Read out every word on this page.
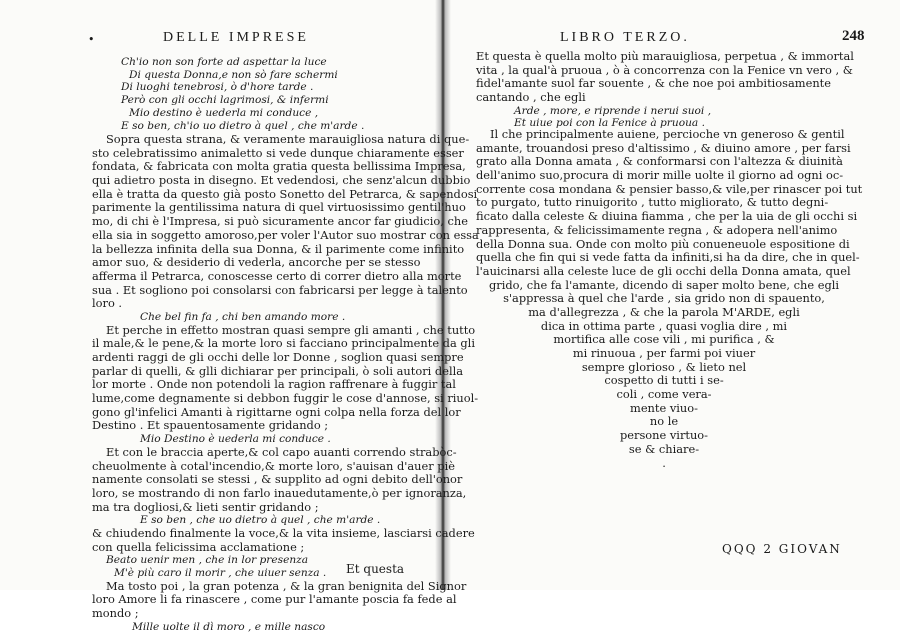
•	DELLE IMPRESE
Ch'io non son forte ad aspettar la luce
Di questa Donna,e non sò fare schermi
Di luoghi tenebrosi, ò d'hore tarde .
Però con gli occhi lagrimosi, & infermi
Mio destino è uederla mi conduce ,
E so ben, ch'io uo dietro à quel , che m'arde .
Sopra questa strana, & veramente marauigliosa natura di que-
sto celebratissimo animaletto si vede dunque chiaramente esser
fondata, & fabricata con molta gratia questa bellissima Impresa,
qui adietro posta in disegno. Et vedendosi, che senz'alcun dubbio
ella è tratta da questo già posto Sonetto del Petrarca, & sapendosi
parimente la gentilissima natura di quel virtuosissimo gentil'huo
mo, di chi è l'Impresa, si può sicuramente ancor far giudicio, che
ella sia in soggetto amoroso,per voler l'Autor suo mostrar con essa
la bellezza infinita della sua Donna, & il parimente come infinito
amor suo, & desiderio di vederla, ancorche per se stesso
afferma il Petrarca, conoscesse certo di correr dietro alla morte
sua . Et sogliono poi consolarsi con fabricarsi per legge à talento
loro .
Che bel fin fa , chi ben amando more .
Et perche in effetto mostran quasi sempre gli amanti , che tutto
il male,& le pene,& la morte loro si facciano principalmente da gli
ardenti raggi de gli occhi delle lor Donne , soglion quasi sempre
parlar di quelli, & glli dichiarar per principali, ò soli autori della
lor morte . Onde non potendoli la ragion raffrenare à fuggir tal
lume,come degnamente si debbon fuggir le cose d'annose, si riuol-
gono gl'infelici Amanti à rigittarne ogni colpa nella forza del lor
Destino . Et spauentosamente gridando ;
Mio Destino è uederla mi conduce .
Et con le braccia aperte,& col capo auanti correndo strabòc-
cheuolmente à cotal'incendio,& morte loro, s'auisan d'auer piè
namente consolati se stessi , & supplito ad ogni debito dell'onor
loro, se mostrando di non farlo inauedutamente,ò per ignoranza,
ma tra dogliosi,& lieti sentir gridando ;
E so ben , che uo dietro à quel , che m'arde .
& chiudendo finalmente la voce,& la vita insieme, lasciarsi cadere
con quella felicissima acclamatione ;
Beato uenir men , che in lor presenza
M'è più caro il morir , che uiuer senza .
Ma tosto poi , la gran potenza , & la gran benignita del Signor
loro Amore li fa rinascere , come pur l'amante poscia fa fede al
mondo ;
Mille uolte il dì moro , e mille nasco
Et questa
LIBRO TERZO.	248
Et questa è quella molto più marauigliosa, perpetua , & immortal
vita , la qual'à pruoua , ò à concorrenza con la Fenice vn vero , &
fidel'amante suol far souente , & che noe poi ambitiosamente
cantando , che egli
Arde , more, e riprende i nerui suoi ,
Et uiue poi con la Fenice à pruoua .
Il che principalmente auiene, percioche vn generoso & gentil
amante, trouandosi preso d'altissimo , & diuino amore , per farsi
grato alla Donna amata , & conformarsi con l'altezza & diuinità
dell'animo suo,procura di morir mille uolte il giorno ad ogni oc-
corrente cosa mondana & pensier basso,& vile,per rinascer poi tut
to purgato, tutto rinuigorito , tutto migliorato, & tutto degni-
ficato dalla celeste & diuina fiamma , che per la uia de gli occhi si
rappresenta, & felicissimamente regna , & adopera nell'animo
della Donna sua. Onde con molto più conueneuole espositione di
quella che fin qui si vede fatta da infiniti,si ha da dire, che in quel-
l'auicinarsi alla celeste luce de gli occhi della Donna amata, quel
grido, che fa l'amante, dicendo di saper molto bene, che egli
s'appressa à quel che l'arde , sia grido non di spauento,
ma d'allegrezza , & che la parola M'ARDE, egli
dica in ottima parte , quasi voglia dire , mi
mortifica alle cose vili , mi purifica , &
mi rinuoua , per farmi poi viuer
sempre glorioso , & lieto nel
cospetto di tutti i se-
coli , come vera-
mente viuo-
no le
persone virtuo-
se & chiare-
.
QQQ 2 GIOVAN
